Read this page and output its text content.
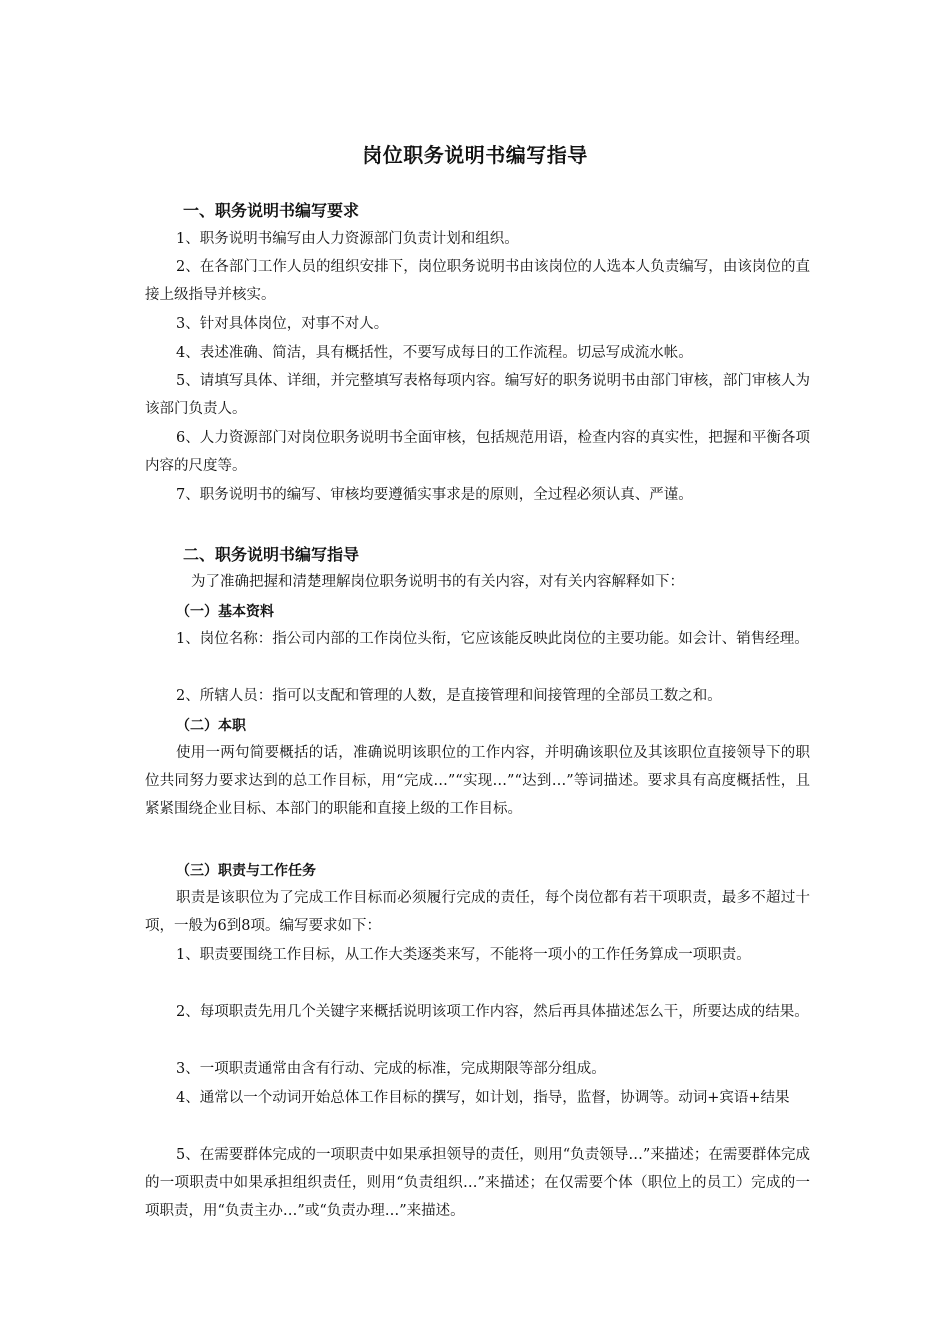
岗位职务说明书编写指导
一、职务说明书编写要求

1、职务说明书编写由人力资源部门负责计划和组织。

2、在各部门工作人员的组织安排下，岗位职务说明书由该岗位的人选本人负责编写，由该岗位的直接上级指导并核实。

3、针对具体岗位，对事不对人。

4、表述准确、简洁，具有概括性，不要写成每日的工作流程。切忌写成流水帐。

5、请填写具体、详细，并完整填写表格每项内容。编写好的职务说明书由部门审核，部门审核人为该部门负责人。

6、人力资源部门对岗位职务说明书全面审核，包括规范用语，检查内容的真实性，把握和平衡各项内容的尺度等。

7、职务说明书的编写、审核均要遵循实事求是的原则，全过程必须认真、严谨。

二、职务说明书编写指导

为了准确把握和清楚理解岗位职务说明书的有关内容，对有关内容解释如下：

（一）基本资料

1、岗位名称：指公司内部的工作岗位头衔，它应该能反映此岗位的主要功能。如会计、销售经理。

2、所辖人员：指可以支配和管理的人数，是直接管理和间接管理的全部员工数之和。

（二）本职

使用一两句简要概括的话，准确说明该职位的工作内容，并明确该职位及其该职位直接领导下的职位共同努力要求达到的总工作目标，用“完成…”“实现…”“达到…”等词描述。要求具有高度概括性，且紧紧围绕企业目标、本部门的职能和直接上级的工作目标。

（三）职责与工作任务

职责是该职位为了完成工作目标而必须履行完成的责任，每个岗位都有若干项职责，最多不超过十项，一般为6到8项。编写要求如下：

1、职责要围绕工作目标，从工作大类逐类来写，不能将一项小的工作任务算成一项职责。

2、每项职责先用几个关键字来概括说明该项工作内容，然后再具体描述怎么干，所要达成的结果。

3、一项职责通常由含有行动、完成的标准，完成期限等部分组成。

4、通常以一个动词开始总体工作目标的撰写，如计划，指导，监督，协调等。动词+宾语+结果

5、在需要群体完成的一项职责中如果承担领导的责任，则用“负责领导…”来描述；在需要群体完成的一项职责中如果承担组织责任，则用“负责组织…”来描述；在仅需要个体（职位上的员工）完成的一项职责，用“负责主办…”或“负责办理…”来描述。
